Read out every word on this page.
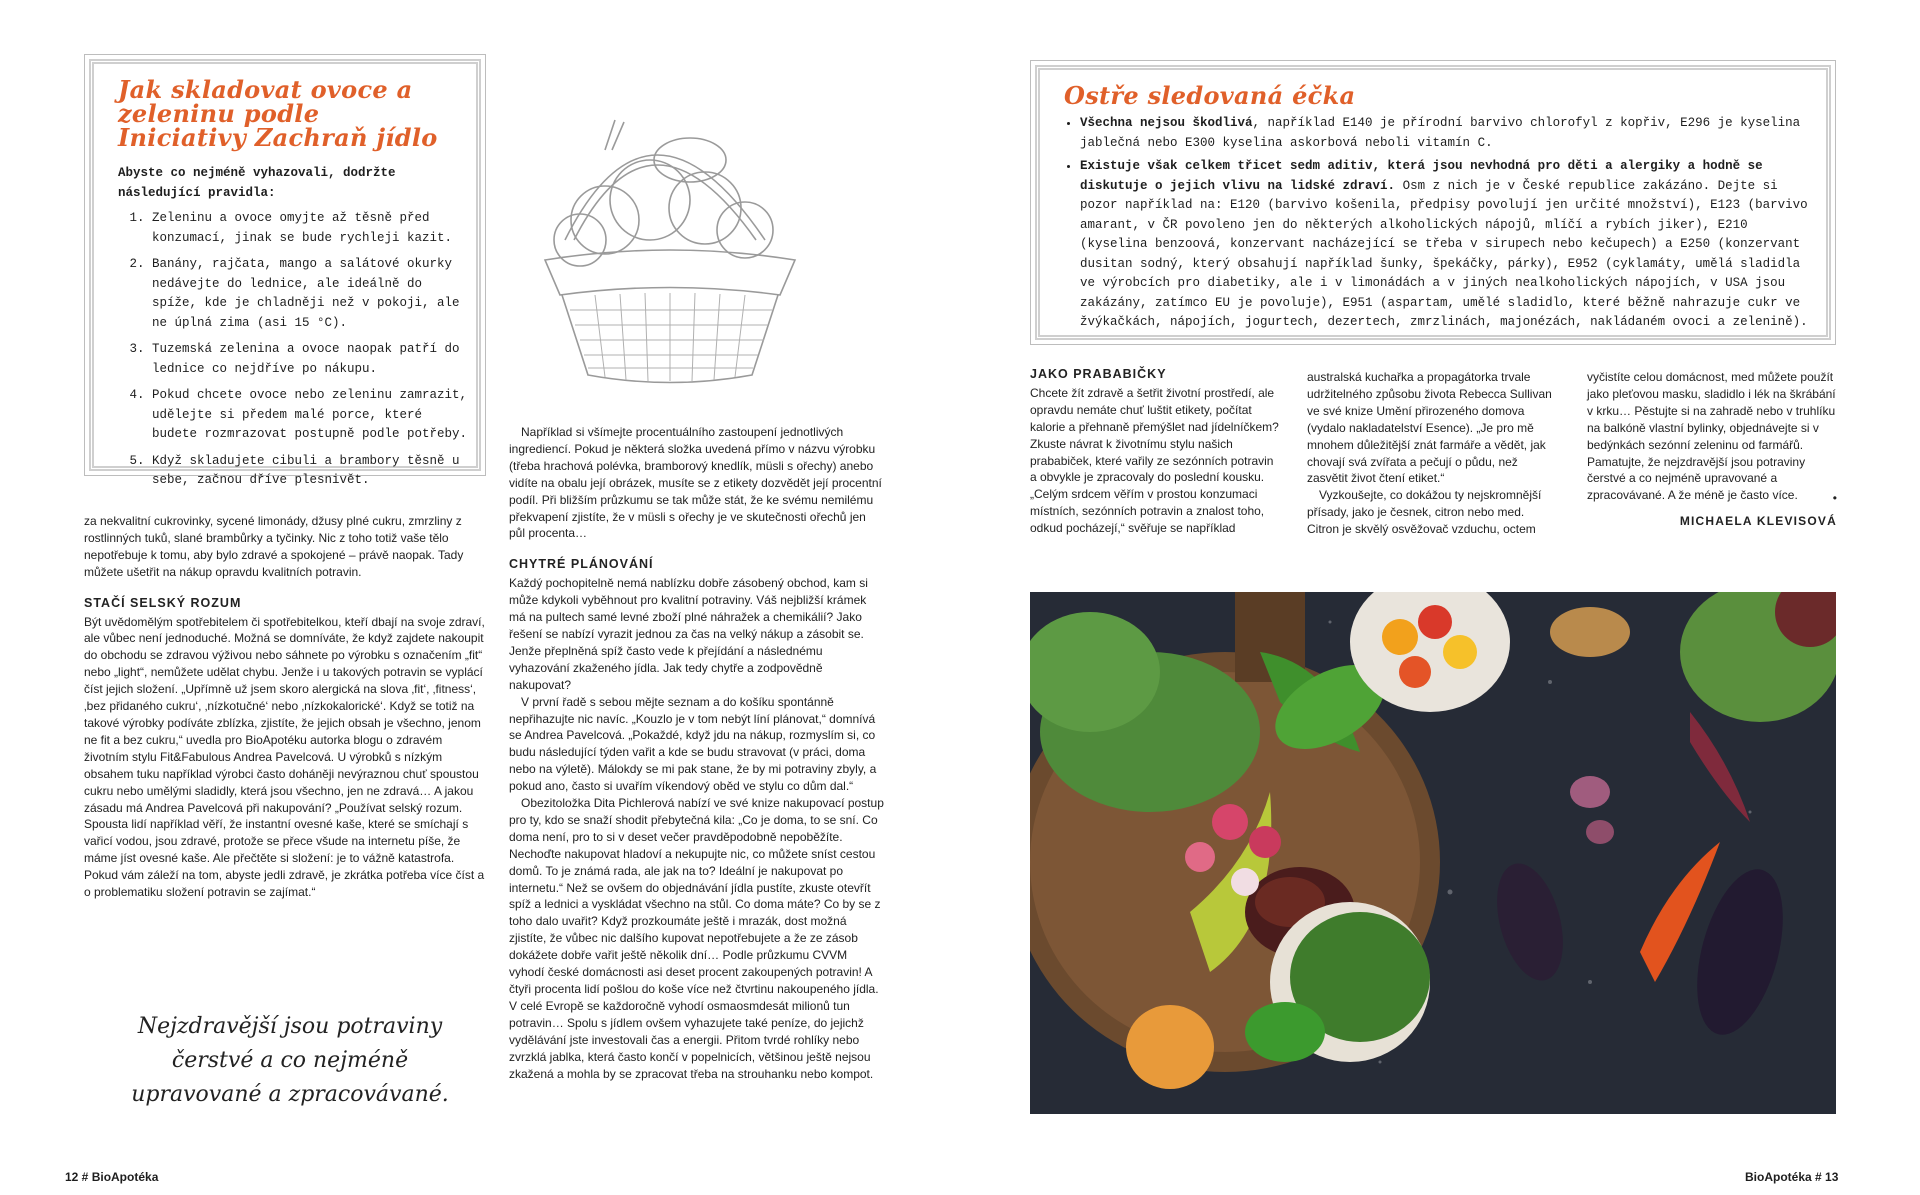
Jak skladovat ovoce a zeleninu podle Iniciativy Zachraň jídlo
Abyste co nejméně vyhazovali, dodržte následující pravidla:
1. Zeleninu a ovoce omyjte až těsně před konzumací, jinak se bude rychleji kazit.
2. Banány, rajčata, mango a salátové okurky nedávejte do lednice, ale ideálně do spíže, kde je chladněji než v pokoji, ale ne úplná zima (asi 15 °C).
3. Tuzemská zelenina a ovoce naopak patří do lednice co nejdříve po nákupu.
4. Pokud chcete ovoce nebo zeleninu zamrazit, udělejte si předem malé porce, které budete rozmrazovat postupně podle potřeby.
5. Když skladujete cibuli a brambory těsně u sebe, začnou dříve plesnivět.

za nekvalitní cukrovinky, sycené limonády, džusy plné cukru, zmrzliny z rostlinných tuků, slané brambůrky a tyčinky. Nic z toho totiž vaše tělo nepotřebuje k tomu, aby bylo zdravé a spokojené – právě naopak. Tady můžete ušetřit na nákup opravdu kvalitních potravin.

STAČÍ SELSKÝ ROZUM

Být uvědomělým spotřebitelem či spotřebitelkou, kteří dbají na svoje zdraví, ale vůbec není jednoduché. Možná se domníváte, že když zajdete nakoupit do obchodu se zdravou výživou nebo sáhnete po výrobku s označením „fit“ nebo „light“, nemůžete udělat chybu. Jenže i u takových potravin se vyplácí číst jejich složení. „Upřímně už jsem skoro alergická na slova ‚fit‘, ‚fitness‘, ‚bez přidaného cukru‘, ‚nízkotučné‘ nebo ‚nízkokalorické‘. Když se totiž na takové výrobky podíváte zblízka, zjistíte, že jejich obsah je všechno, jenom ne fit a bez cukru,“ uvedla pro BioApotéku autorka blogu o zdravém životním stylu Fit&Fabulous Andrea Pavelcová. U výrobků s nízkým obsahem tuku například výrobci často doháněji nevýraznou chuť spoustou cukru nebo umělými sladidly, která jsou všechno, jen ne zdravá… A jakou zásadu má Andrea Pavelcová při nakupování? „Používat selský rozum. Spousta lidí například věří, že instantní ovesné kaše, které se smíchají s vařicí vodou, jsou zdravé, protože se přece všude na internetu píše, že máme jíst ovesné kaše. Ale přečtěte si složení: je to vážně katastrofa. Pokud vám záleží na tom, abyste jedli zdravě, je zkrátka potřeba více číst a o problematiku složení potravin se zajímat.“

Nejzdravější jsou potraviny čerstvé a co nejméně upravované a zpracovávané.

Například si všímejte procentuálního zastoupení jednotlivých ingrediencí. Pokud je některá složka uvedená přímo v názvu výrobku (třeba hrachová polévka, bramborový knedlík, müsli s ořechy) anebo vidíte na obalu její obrázek, musíte se z etikety dozvědět její procentní podíl. Při bližším průzkumu se tak může stát, že ke svému nemilému překvapení zjistíte, že v müsli s ořechy je ve skutečnosti ořechů jen půl procenta…

CHYTRÉ PLÁNOVÁNÍ

Každý pochopitelně nemá nablízku dobře zásobený obchod, kam si může kdykoli vyběhnout pro kvalitní potraviny. Váš nejbližší krámek má na pultech samé levné zboží plné náhražek a chemikálií? Jako řešení se nabízí vyrazit jednou za čas na velký nákup a zásobit se. Jenže přeplněná spíž často vede k přejídání a následnému vyhazování zkaženého jídla. Jak tedy chytře a zodpovědně nakupovat?

V první řadě s sebou mějte seznam a do košíku spontánně nepřihazujte nic navíc. „Kouzlo je v tom nebýt líní plánovat,“ domnívá se Andrea Pavelcová. „Pokaždé, když jdu na nákup, rozmyslím si, co budu následující týden vařit a kde se budu stravovat (v práci, doma nebo na výletě). Málokdy se mi pak stane, že by mi potraviny zbyly, a pokud ano, často si uvařím víkendový oběd ve stylu co dům dal.“

Obezitoložka Dita Pichlerová nabízí ve své knize nakupovací postup pro ty, kdo se snaží shodit přebytečná kila: „Co je doma, to se sní. Co doma není, pro to si v deset večer pravděpodobně nepoběžíte. Nechoďte nakupovat hladoví a nekupujte nic, co můžete sníst cestou domů. To je známá rada, ale jak na to? Ideální je nakupovat po internetu.“ Než se ovšem do objednávání jídla pustíte, zkuste otevřít spíž a lednici a vyskládat všechno na stůl. Co doma máte? Co by se z toho dalo uvařit? Když prozkoumáte ještě i mrazák, dost možná zjistíte, že vůbec nic dalšího kupovat nepotřebujete a že ze zásob dokážete dobře vařit ještě několik dní… Podle průzkumu CVVM vyhodí české domácnosti asi deset procent zakoupených potravin! A čtyři procenta lidí pošlou do koše více než čtvrtinu nakoupeného jídla. V celé Evropě se každoročně vyhodí osmaosmdesát milionů tun potravin… Spolu s jídlem ovšem vyhazujete také peníze, do jejichž vydělávání jste investovali čas a energii. Přitom tvrdé rohlíky nebo zvrzklá jablka, která často končí v popelnicích, většinou ještě nejsou zkažená a mohla by se zpracovat třeba na strouhanku nebo kompot.

Ostře sledovaná éčka
• Všechna nejsou škodlivá, například E140 je přírodní barvivo chlorofyl z kopřiv, E296 je kyselina jablečná nebo E300 kyselina askorbová neboli vitamín C.
• Existuje však celkem třicet sedm aditiv, která jsou nevhodná pro děti a alergiky a hodně se diskutuje o jejich vlivu na lidské zdraví. Osm z nich je v České republice zakázáno. Dejte si pozor například na: E120 (barvivo košenila, předpisy povolují jen určité množství), E123 (barvivo amarant, v ČR povoleno jen do některých alkoholických nápojů, mlíčí a rybích jiker), E210 (kyselina benzoová, konzervant nacházející se třeba v sirupech nebo kečupech) a E250 (konzervant dusitan sodný, který obsahují například šunky, špekáčky, párky), E952 (cyklamáty, umělá sladidla ve výrobcích pro diabetiky, ale i v limonádách a v jiných nealkoholických nápojích, v USA jsou zakázány, zatímco EU je povoluje), E951 (aspartam, umělé sladidlo, které běžně nahrazuje cukr ve žvýkačkách, nápojích, jogurtech, dezertech, zmrzlinách, majonézách, nakládaném ovoci a zelenině).
JAKO PRABABIČKY

Chcete žít zdravě a šetřit životní prostředí, ale opravdu nemáte chuť luštit etikety, počítat kalorie a přehnaně přemýšlet nad jídelníčkem? Zkuste návrat k životnímu stylu našich prababiček, které vařily ze sezónních potravin a obvykle je zpracovaly do poslední kousku. „Celým srdcem věřím v prostou konzumaci místních, sezónních potravin a znalost toho, odkud pocházejí,“ svěřuje se například

australská kuchařka a propagátorka trvale udržitelného způsobu života Rebecca Sullivan ve své knize Umění přirozeného domova (vydalo nakladatelství Esence). „Je pro mě mnohem důležitější znát farmáře a vědět, jak chovají svá zvířata a pečují o půdu, než zasvětit život čtení etiket.“

Vyzkoušejte, co dokážou ty nejskromnější přísady, jako je česnek, citron nebo med. Citron je skvělý osvěžovač vzduchu, octem

vyčistíte celou domácnost, med můžete použít jako pleťovou masku, sladidlo i lék na škrábání v krku… Pěstujte si na zahradě nebo v truhlíku na balkóně vlastní bylinky, objednávejte si v bedýnkách sezónní zeleninu od farmářů. Pamatujte, že nejzdravější jsou potraviny čerstvé a co nejméně upravované a zpracovávané. A že méně je často více.	•
MICHAELA KLEVISOVÁ
12 # BioApotéka	BioApotéka # 13
